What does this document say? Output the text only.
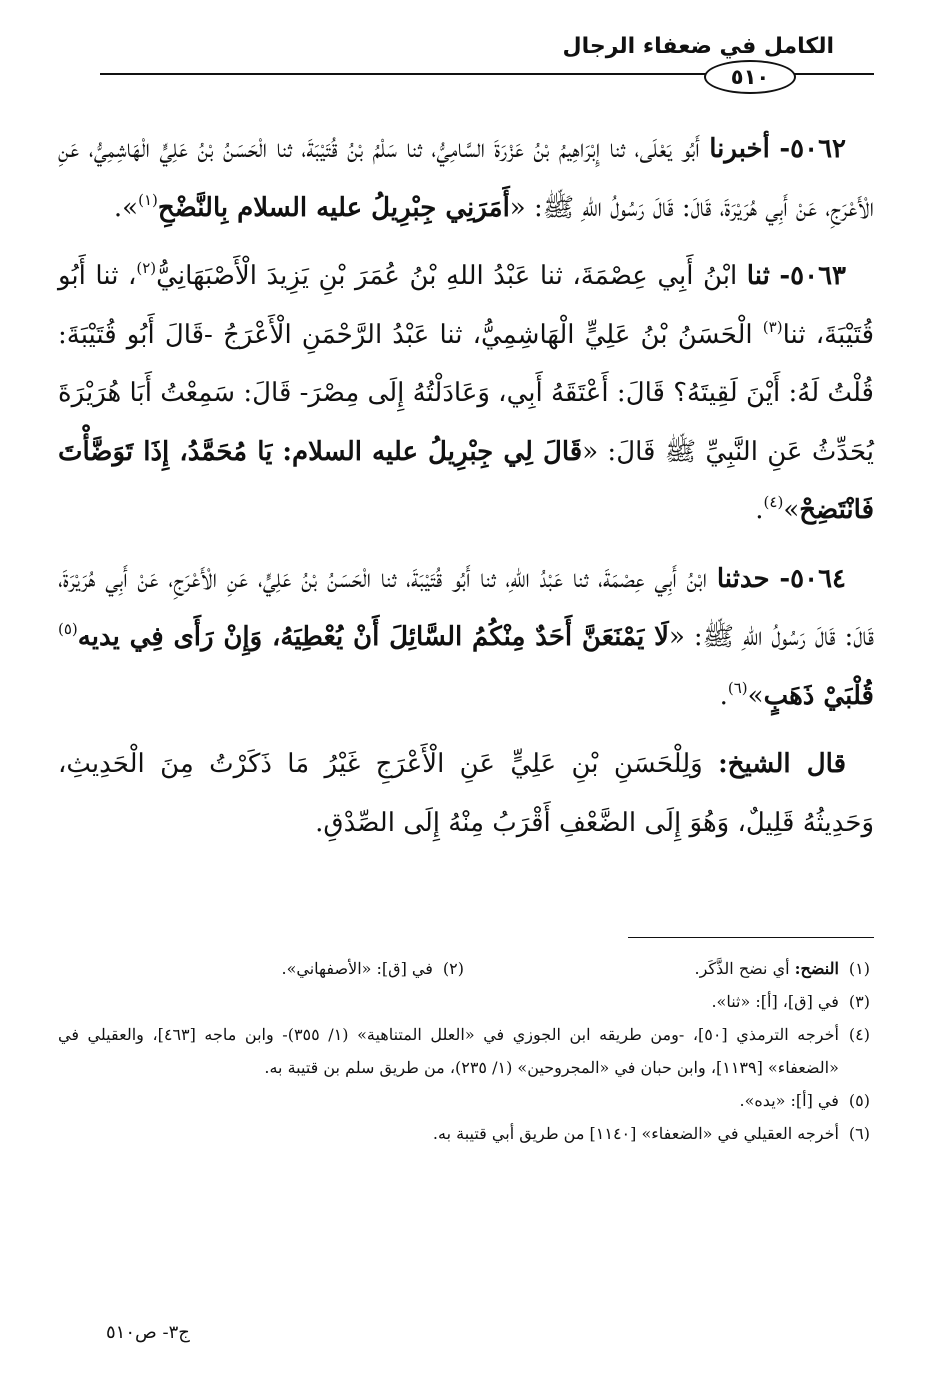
الكامل في ضعفاء الرجال
٥١٠

٥٠٦٢- أخبرنا أَبُو يَعْلَى، ثنا إِبْرَاهِيمُ بْنُ عَزْرَةَ السَّامِيُّ، ثنا سَلْمُ بْنُ قُتَيْبَةَ، ثنا الْحَسَنُ بْنُ عَلِيٍّ الْهَاشِمِيُّ، عَنِ الْأَعْرَجِ، عَنْ أَبِي هُرَيْرَةَ، قَالَ: قَالَ رَسُولُ اللهِ ﷺ: «أَمَرَنِي جِبْرِيلُ عليه السلام بِالنَّضْحِ$^{(١)}$».

٥٠٦٣- ثنا ابْنُ أَبِي عِصْمَةَ، ثنا عَبْدُ اللهِ بْنُ عُمَرَ بْنِ يَزِيدَ الْأَصْبَهَانِيُّ$^{(٢)}$، ثنا أَبُو قُتَيْبَةَ، ثنا$^{(٣)}$ الْحَسَنُ بْنُ عَلِيٍّ الْهَاشِمِيُّ، ثنا عَبْدُ الرَّحْمَنِ الْأَعْرَجُ -قَالَ أَبُو قُتَيْبَةَ: قُلْتُ لَهُ: أَيْنَ لَقِيتَهُ؟ قَالَ: أَعْتَقَهُ أَبِي، وَعَادَلْتُهُ إِلَى مِصْرَ- قَالَ: سَمِعْتُ أَبَا هُرَيْرَةَ يُحَدِّثُ عَنِ النَّبِيِّ ﷺ قَالَ: «قَالَ لِي جِبْرِيلُ عليه السلام: يَا مُحَمَّدُ، إِذَا تَوَضَّأْتَ فَانْتَضِحْ»$^{(٤)}$.

٥٠٦٤- حدثنا ابْنُ أَبِي عِصْمَةَ، ثنا عَبْدُ اللهِ، ثنا أَبُو قُتَيْبَةَ، ثنا الْحَسَنُ بْنُ عَلِيٍّ، عَنِ الْأَعْرَجِ، عَنْ أَبِي هُرَيْرَةَ، قَالَ: قَالَ رَسُولُ اللهِ ﷺ: «لَا يَمْنَعَنَّ أَحَدٌ مِنْكُمُ السَّائِلَ أَنْ يُعْطِيَهُ، وَإِنْ رَأَى فِي يديه$^{(٥)}$ قُلْبَيْ ذَهَبٍ»$^{(٦)}$.

قال الشيخ: وَلِلْحَسَنِ بْنِ عَلِيٍّ عَنِ الْأَعْرَجِ غَيْرُ مَا ذَكَرْتُ مِنَ الْحَدِيثِ، وَحَدِيثُهُ قَلِيلٌ، وَهُوَ إِلَى الضَّعْفِ أَقْرَبُ مِنْهُ إِلَى الصِّدْقِ.

(١)
النضح: أي نضح الذَّكَر.
(٢)
في [ق]: «الأصفهاني».
(٣)
في [ق]، [أ]: «ثنا».
(٤)
أخرجه الترمذي [٥٠]، -ومن طريقه ابن الجوزي في «العلل المتناهية» (١/ ٣٥٥)- وابن ماجه [٤٦٣]، والعقيلي في «الضعفاء» [١١٣٩]، وابن حبان في «المجروحين» (١/ ٢٣٥)، من طريق سلم بن قتيبة به.
(٥)
في [أ]: «يده».
(٦)
أخرجه العقيلي في «الضعفاء» [١١٤٠] من طريق أبي قتيبة به.
ج٣- ص٥١٠
